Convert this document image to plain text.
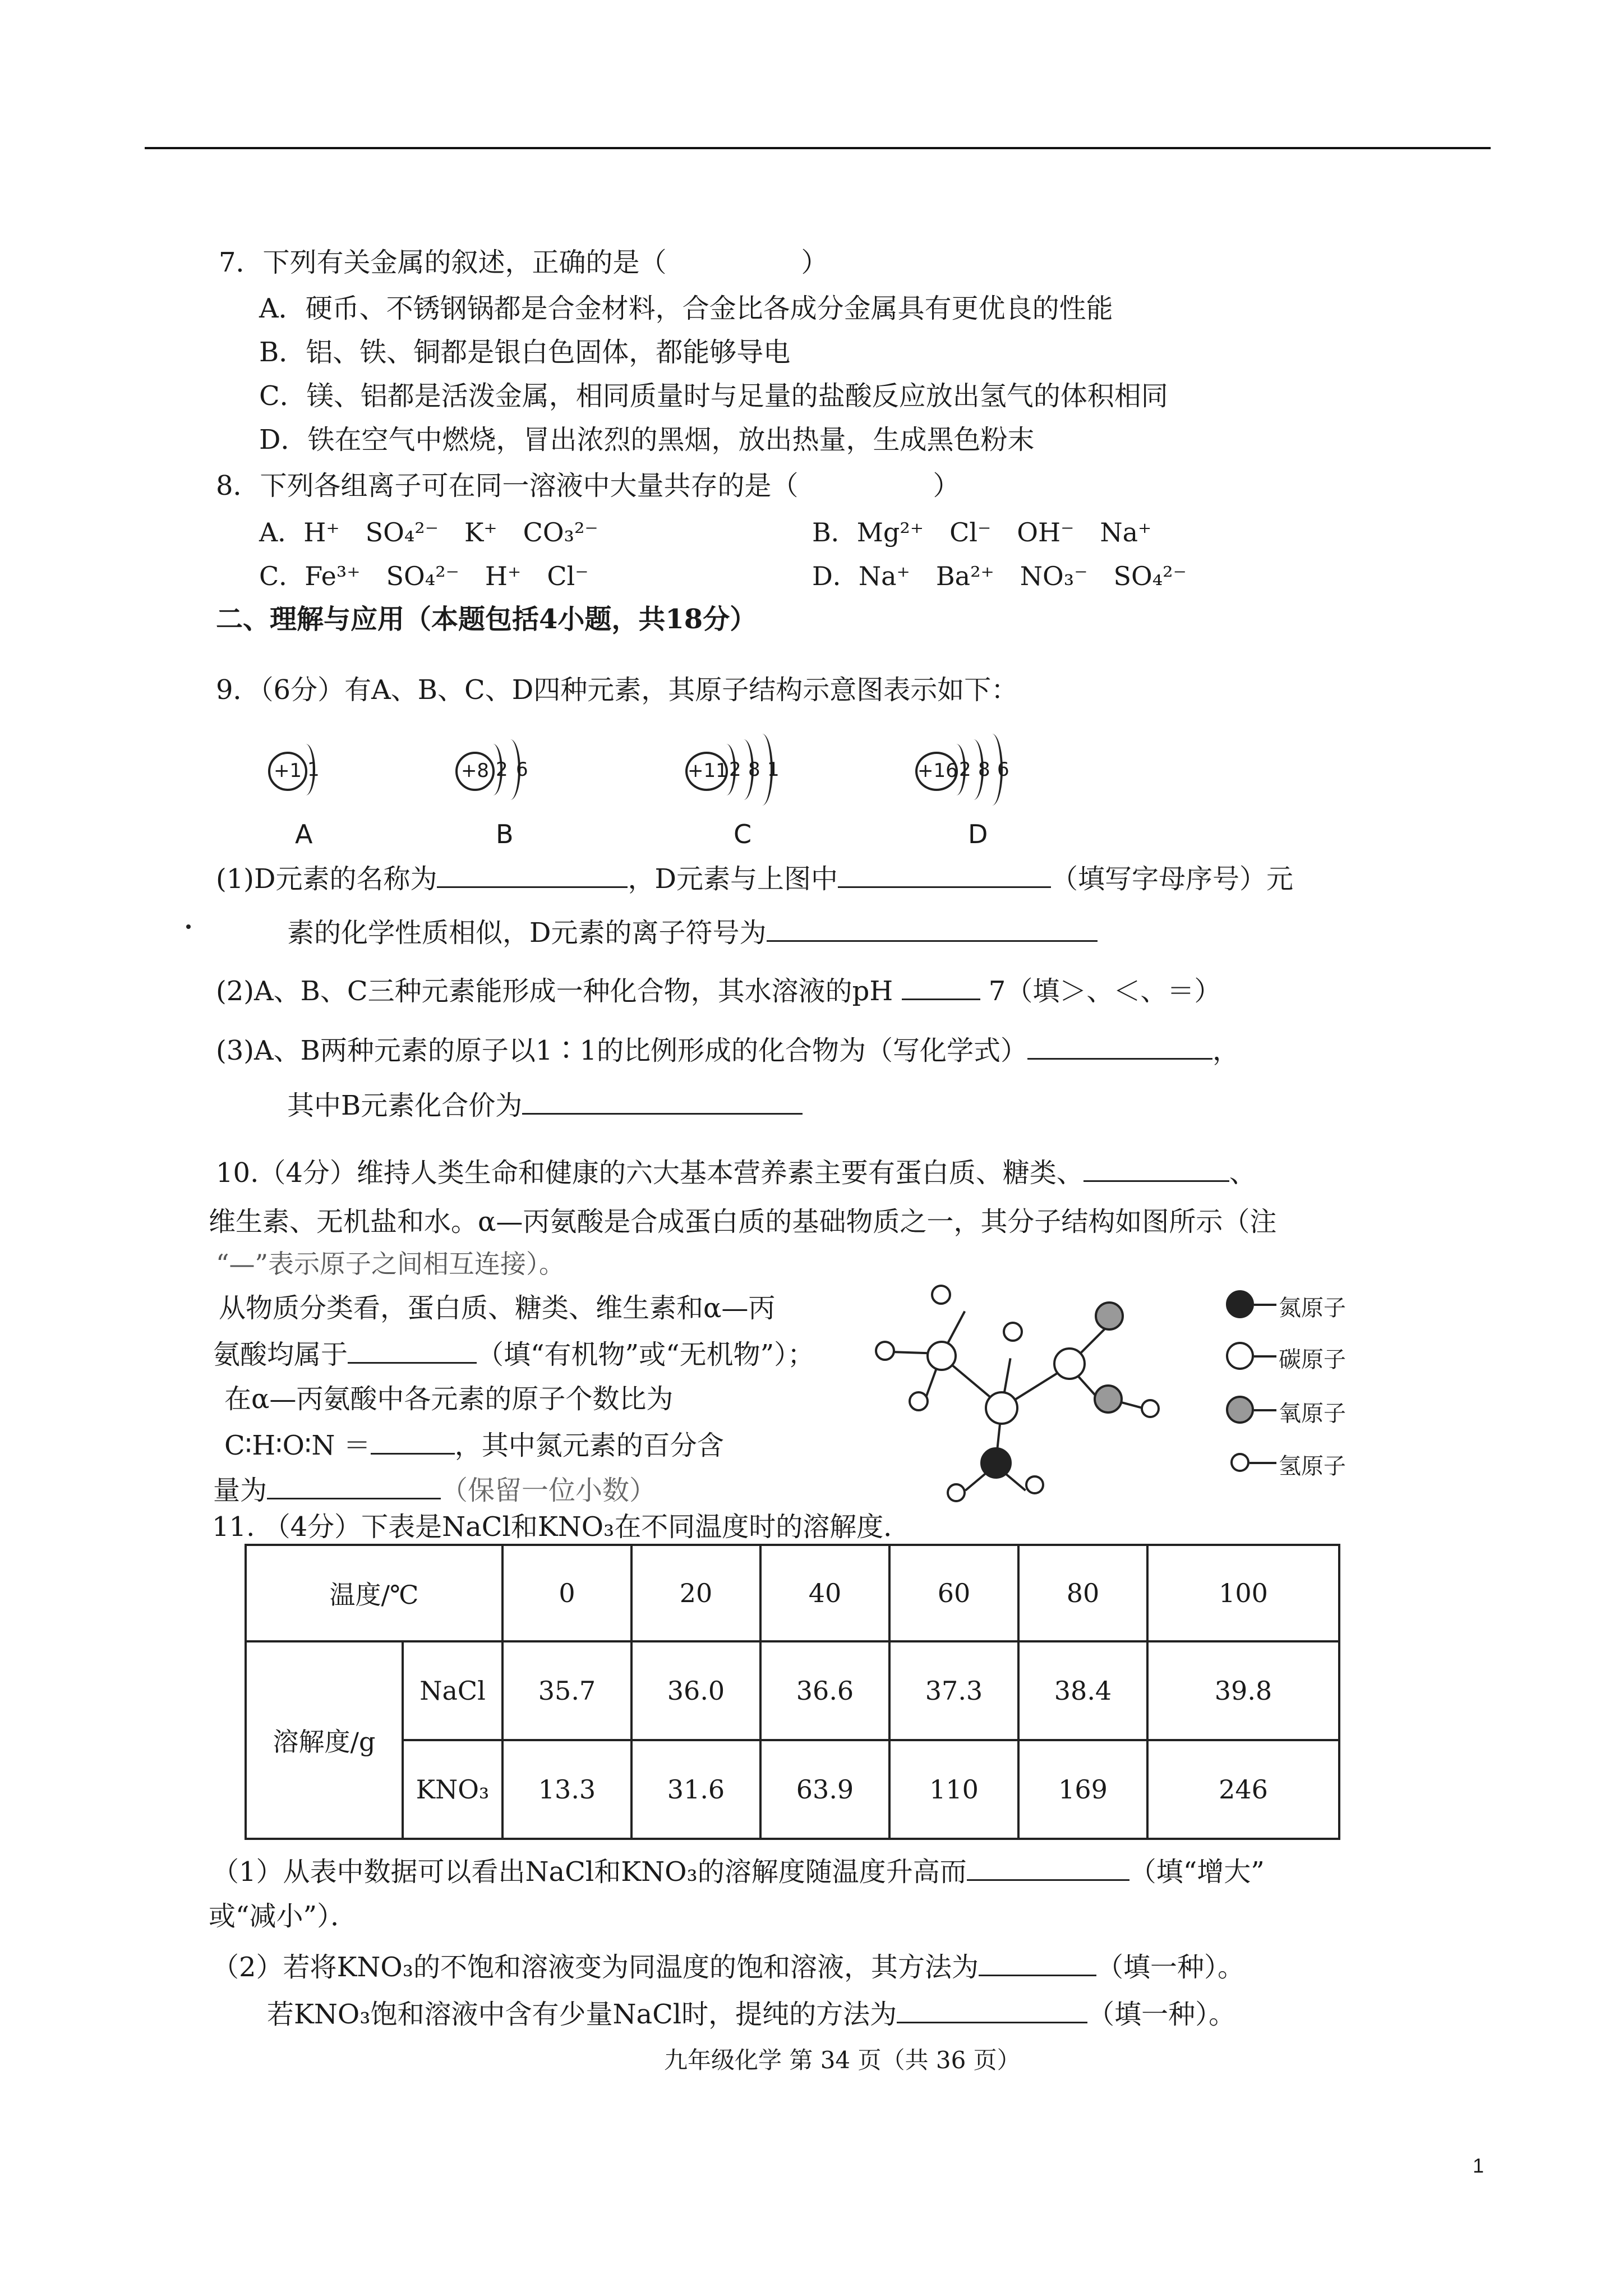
7．下列有关金属的叙述，正确的是（　　　　　）
A．硬币、不锈钢锅都是合金材料，合金比各成分金属具有更优良的性能
B．铝、铁、铜都是银白色固体，都能够导电
C．镁、铝都是活泼金属，相同质量时与足量的盐酸反应放出氢气的体积相同
D．铁在空气中燃烧，冒出浓烈的黑烟，放出热量，生成黑色粉末
8．下列各组离子可在同一溶液中大量共存的是（　　　　　）
A．H⁺　SO₄²⁻　K⁺　CO₃²⁻	B．Mg²⁺　Cl⁻　OH⁻　Na⁺
C．Fe³⁺　SO₄²⁻　H⁺　Cl⁻	D．Na⁺　Ba²⁺　NO₃⁻　SO₄²⁻
二、理解与应用（本题包括4小题，共18分）
9．（6分）有A、B、C、D四种元素，其原子结构示意图表示如下：
+1 1
A
+8 2 6
B
+11 2 8 1
C
+16 2 8 6
D
(1)D元素的名称为	，D元素与上图中	（填写字母序号）元
素的化学性质相似，D元素的离子符号为
(2)A、B、C三种元素能形成一种化合物，其水溶液的pH	7（填＞、＜、＝）
(3)A、B两种元素的原子以1∶1的比例形成的化合物为（写化学式）	，
其中B元素化合价为
10.（4分）维持人类生命和健康的六大基本营养素主要有蛋白质、糖类、	、
维生素、无机盐和水。α—丙氨酸是合成蛋白质的基础物质之一，其分子结构如图所示（注
“—”表示原子之间相互连接）。
从物质分类看，蛋白质、糖类、维生素和α—丙
氨酸均属于	（填“有机物”或“无机物”）；
在α—丙氨酸中各元素的原子个数比为
C∶H∶O∶N ＝	，其中氮元素的百分含
量为	（保留一位小数）
氮原子
碳原子
氧原子
氢原子
11. （4分）下表是NaCl和KNO₃在不同温度时的溶解度．
温度/℃		0	20	40	60	80	100
溶解度/g	NaCl	35.7	36.0	36.6	37.3	38.4	39.8
	KNO₃	13.3	31.6	63.9	110	169	246
（1）从表中数据可以看出NaCl和KNO₃的溶解度随温度升高而	（填“增大”
或“减小”）．
（2）若将KNO₃的不饱和溶液变为同温度的饱和溶液，其方法为	（填一种）。
若KNO₃饱和溶液中含有少量NaCl时，提纯的方法为	（填一种）。
九年级化学 第 34 页（共 36 页）
1
